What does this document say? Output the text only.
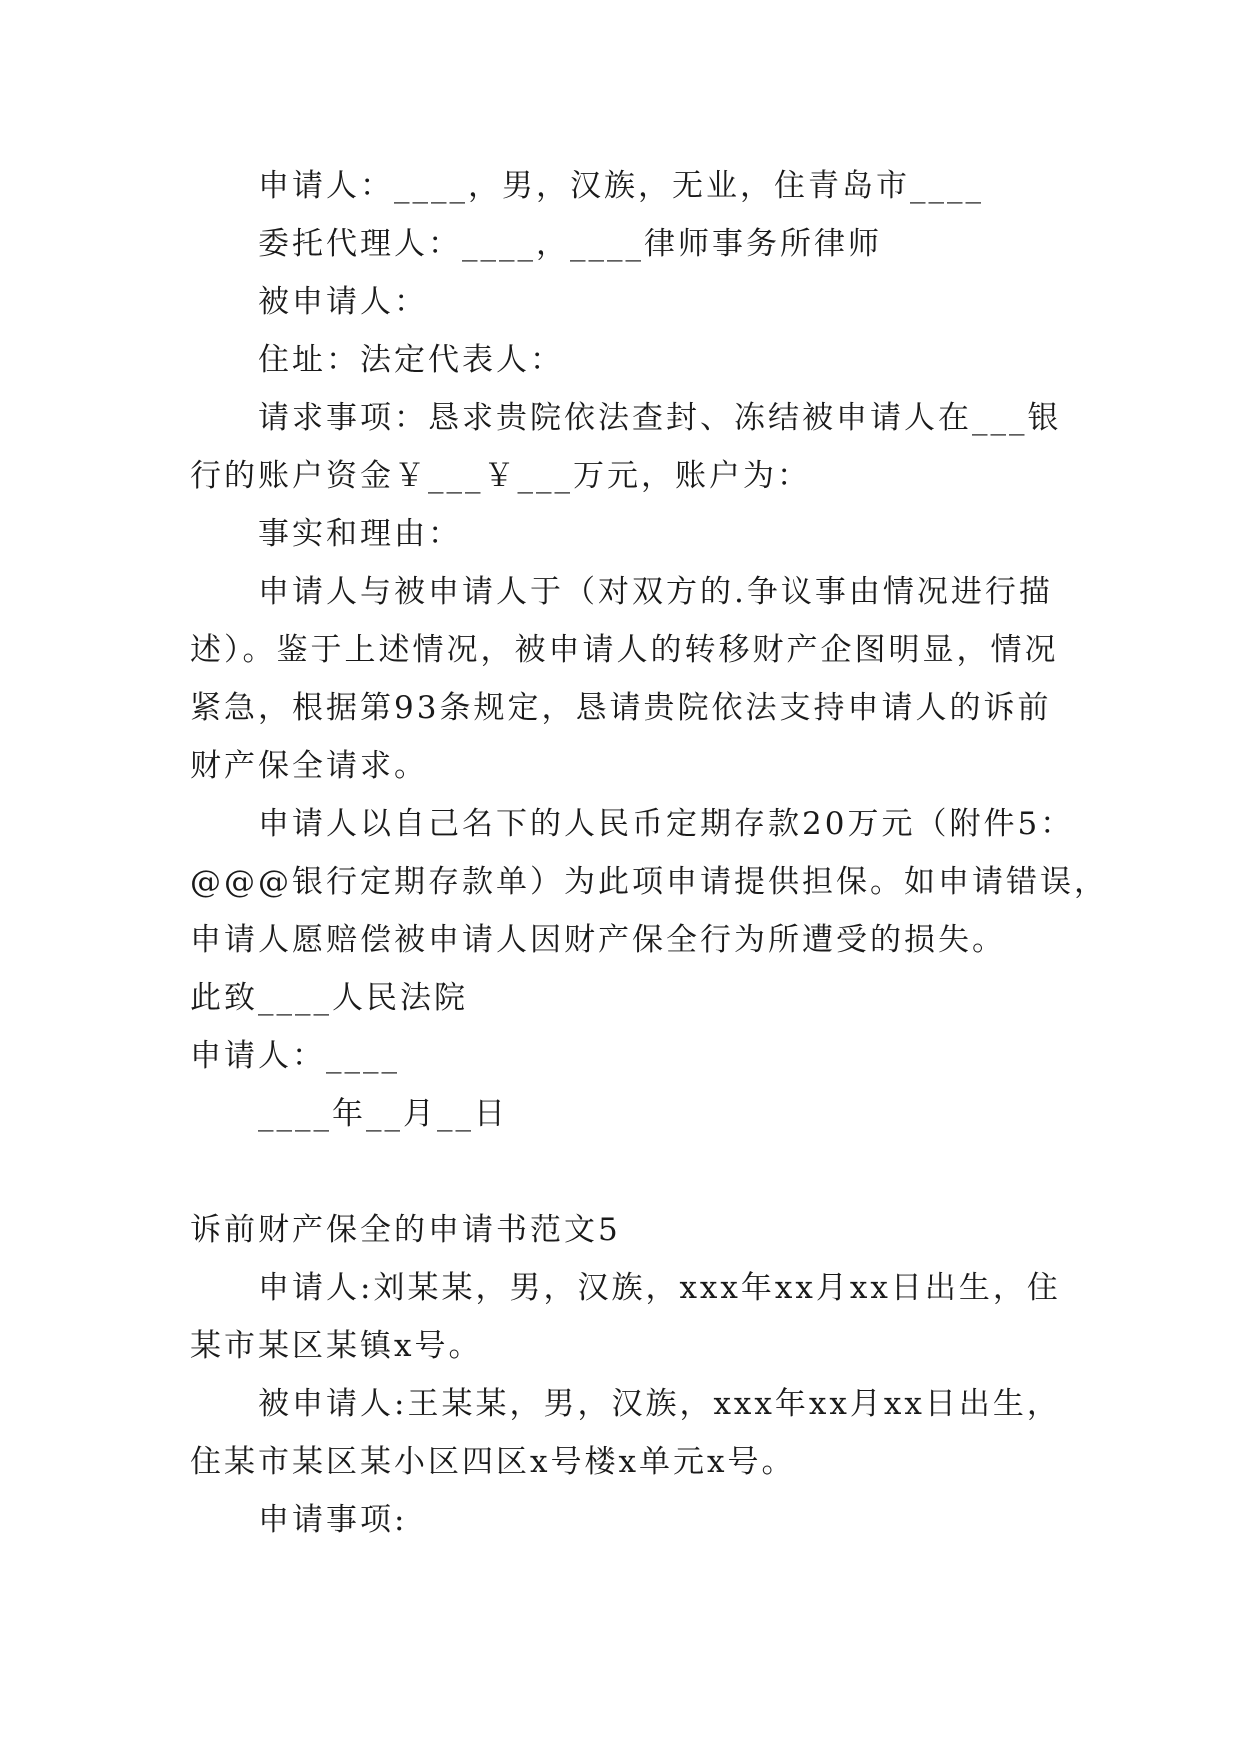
申请人：____，男，汉族，无业，住青岛市____
委托代理人：____，____律师事务所律师
被申请人：
住址：法定代表人：
请求事项：恳求贵院依法查封、冻结被申请人在___银
行的账户资金￥___￥___万元，账户为：
事实和理由：
申请人与被申请人于（对双方的.争议事由情况进行描
述）。鉴于上述情况，被申请人的转移财产企图明显，情况
紧急，根据第93条规定，恳请贵院依法支持申请人的诉前
财产保全请求。
申请人以自己名下的人民币定期存款20万元（附件5：
@@@银行定期存款单）为此项申请提供担保。如申请错误，
申请人愿赔偿被申请人因财产保全行为所遭受的损失。
此致____人民法院
申请人：____
____年__月__日
诉前财产保全的申请书范文5
申请人:刘某某，男，汉族，xxx年xx月xx日出生，住
某市某区某镇x号。
被申请人:王某某，男，汉族，xxx年xx月xx日出生，
住某市某区某小区四区x号楼x单元x号。
申请事项:
